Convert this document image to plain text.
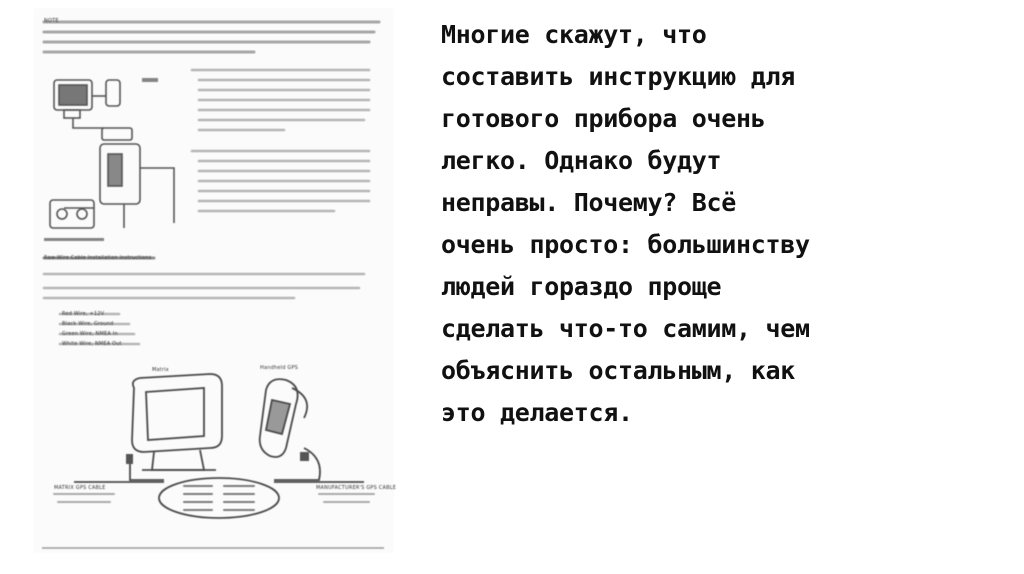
NOTE
Raw-Wire Cable Installation Instructions
Red Wire, +12V
Black Wire, Ground
Green Wire, NMEA In
White Wire, NMEA Out
Matrix	Handheld GPS
MATRIX GPS CABLE	MANUFACTURER'S GPS CABLE

Многие скажут, что
составить инструкцию для
готового прибора очень
легко. Однако будут
неправы. Почему? Всё
очень просто: большинству
людей гораздо проще
сделать что-то самим, чем
объяснить остальным, как
это делается.
